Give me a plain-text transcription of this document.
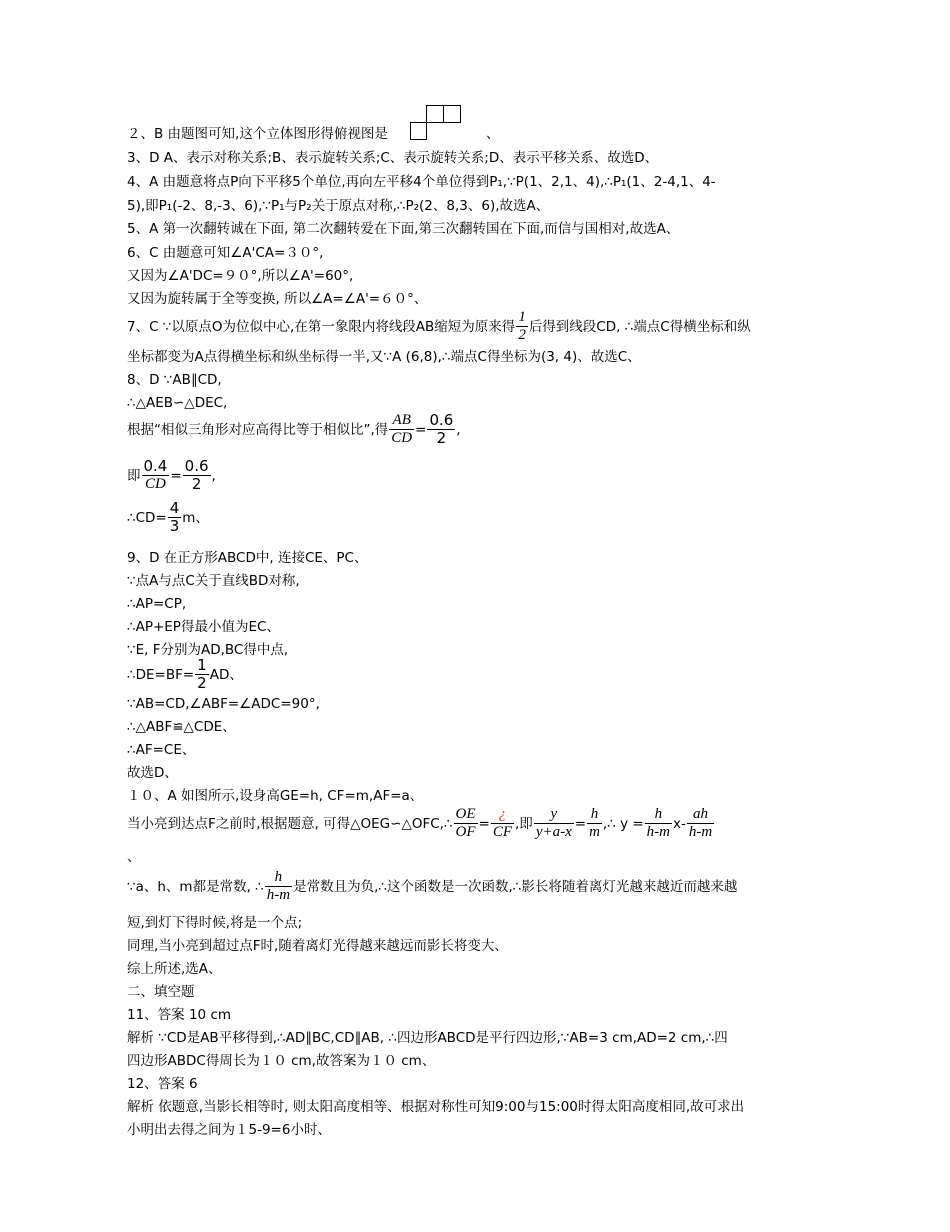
２、B 由题图可知,这个立体图形得俯视图是	、
3、D A、表示对称关系;B、表示旋转关系;C、表示旋转关系;D、表示平移关系、故选D、
4、A 由题意将点P向下平移5个单位,再向左平移4个单位得到P₁,∵P(1、2,1、4),∴P₁(1、2-4,1、4-
5),即P₁(-2、8,-3、6),∵P₁与P₂关于原点对称,∴P₂(2、8,3、6),故选A、
5、A 第一次翻转诚在下面, 第二次翻转爱在下面,第三次翻转国在下面,而信与国相对,故选A、
6、C 由题意可知∠A'CA=３０°,
又因为∠A'DC=９０°,所以∠A'=60°,
又因为旋转属于全等变换, 所以∠A=∠A'=６０°、
7、C ∵以原点O为位似中心,在第一象限内将线段AB缩短为原来得 $\frac{1}{2}$ 后得到线段CD, ∴端点C得横坐标和纵
坐标都变为A点得横坐标和纵坐标得一半,又∵A (6,8),∴端点C得坐标为(3, 4)、故选C、
8、D ∵AB∥CD,
∴△AEB∽△DEC,
根据“相似三角形对应高得比等于相似比”,得 $\frac{AB}{CD} = \frac{0.6}{2}$ ,
即 $\frac{0.4}{CD} = \frac{0.6}{2}$ ,
∴CD= $\frac{4}{3}$ m、
9、D 在正方形ABCD中, 连接CE、PC、
∵点A与点C关于直线BD对称,
∴AP=CP,
∴AP+EP得最小值为EC、
∵E, F分别为AD,BC得中点,
∴DE=BF= $\frac{1}{2}$ AD、
∵AB=CD,∠ABF=∠ADC=90°,
∴△ABF≌△CDE、
∴AF=CE、
故选D、
１０、A 如图所示,设身高GE=h, CF=m,AF=a、
当小亮到达点F之前时,根据题意, 可得△OEG∽△OFC,∴ $\frac{OE}{OF} = \frac{¿}{CF}$ ,即 $\frac{y}{y+a-x} = \frac{h}{m}$ ,∴ $y = \frac{h}{h-m} x- \frac{ah}{h-m}$
、
∵a、h、m都是常数, ∴ $\frac{h}{h-m}$ 是常数且为负,∴这个函数是一次函数,∴影长将随着离灯光越来越近而越来越
短,到灯下得时候,将是一个点;
同理,当小亮到超过点F时,随着离灯光得越来越远而影长将变大、
综上所述,选A、
二、填空题
11、答案 10 cm
解析 ∵CD是AB平移得到,∴AD∥BC,CD∥AB, ∴四边形ABCD是平行四边形,∵AB=3 cm,AD=2 cm,∴四
四边形ABDC得周长为１０ cm,故答案为１０ cm、
12、答案 6
解析 依题意,当影长相等时, 则太阳高度相等、根据对称性可知9:00与15:00时得太阳高度相同,故可求出
小明出去得之间为１5-9=6小时、
